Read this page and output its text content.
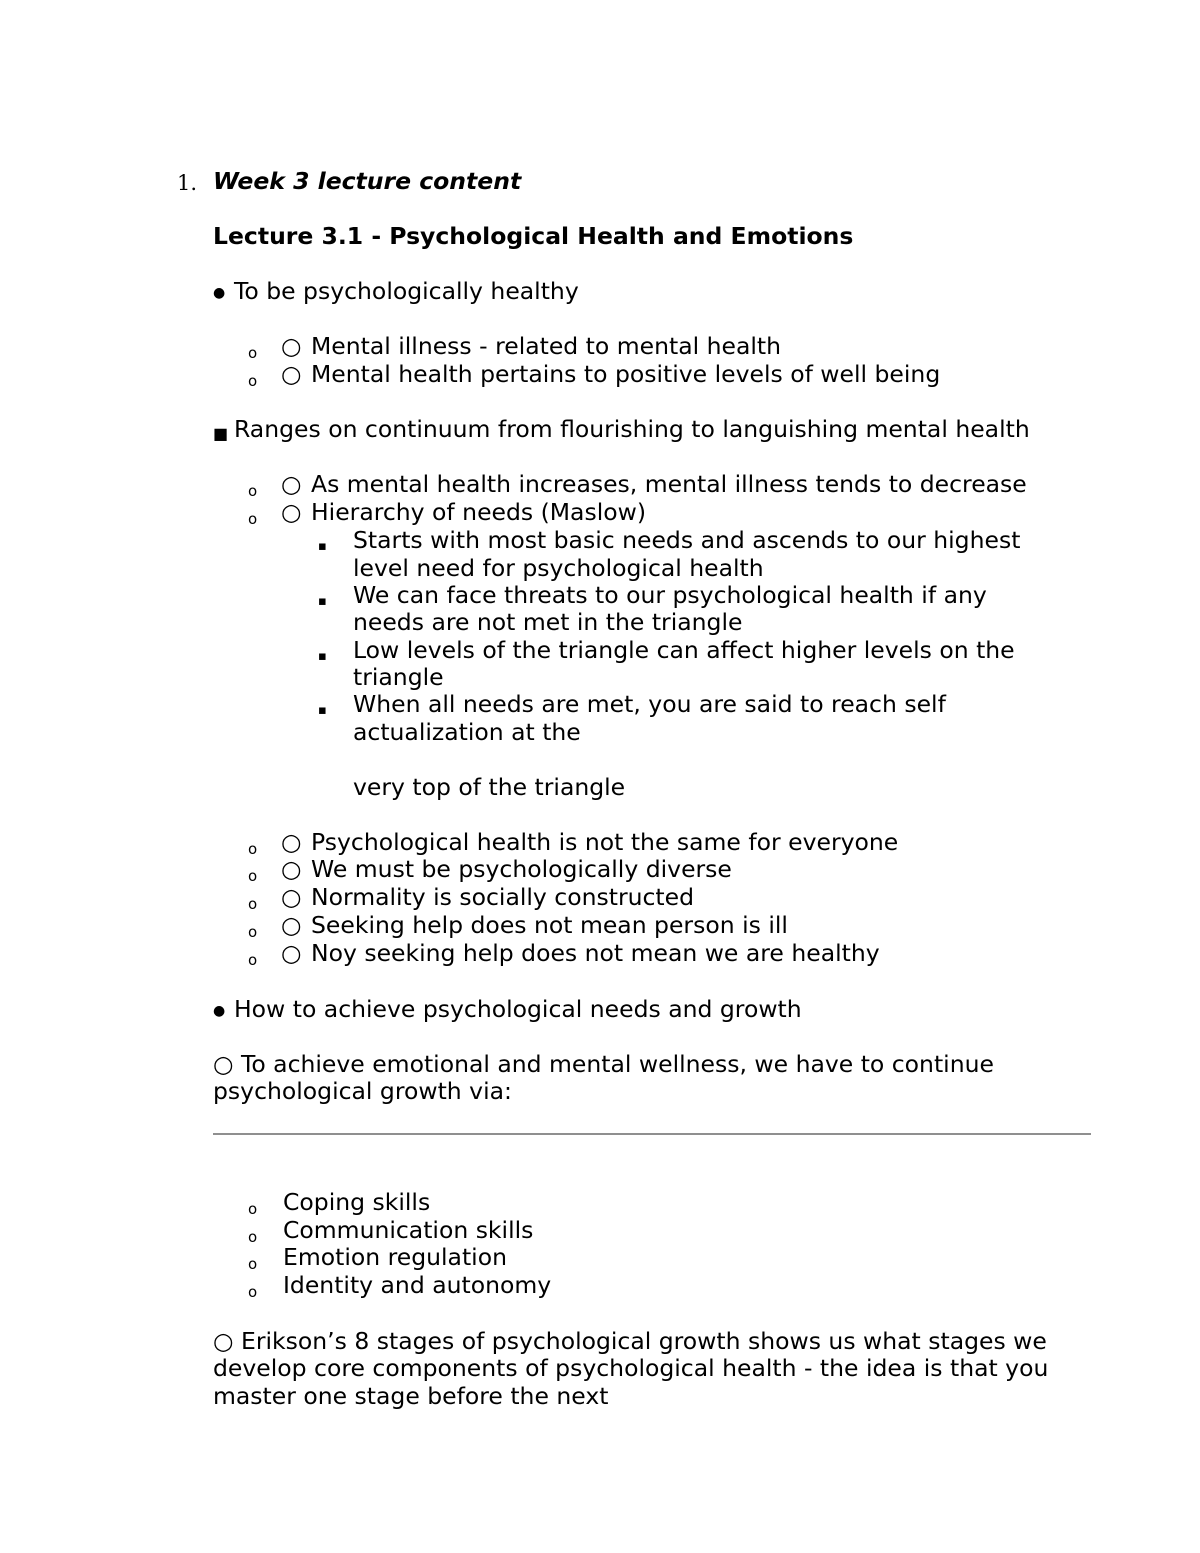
1. Week 3 lecture content
Lecture 3.1 - Psychological Health and Emotions
● To be psychologically healthy
o ○ Mental illness - related to mental health
o ○ Mental health pertains to positive levels of well being
■ Ranges on continuum from flourishing to languishing mental health
o ○ As mental health increases, mental illness tends to decrease
o ○ Hierarchy of needs (Maslow)
▪ Starts with most basic needs and ascends to our highest
level need for psychological health
▪ We can face threats to our psychological health if any
needs are not met in the triangle
▪ Low levels of the triangle can affect higher levels on the
triangle
▪ When all needs are met, you are said to reach self
actualization at the
very top of the triangle
o ○ Psychological health is not the same for everyone
o ○ We must be psychologically diverse
o ○ Normality is socially constructed
o ○ Seeking help does not mean person is ill
o ○ Noy seeking help does not mean we are healthy
● How to achieve psychological needs and growth
○ To achieve emotional and mental wellness, we have to continue
psychological growth via:
o Coping skills
o Communication skills
o Emotion regulation
o Identity and autonomy
○ Erikson’s 8 stages of psychological growth shows us what stages we
develop core components of psychological health - the idea is that you
master one stage before the next
